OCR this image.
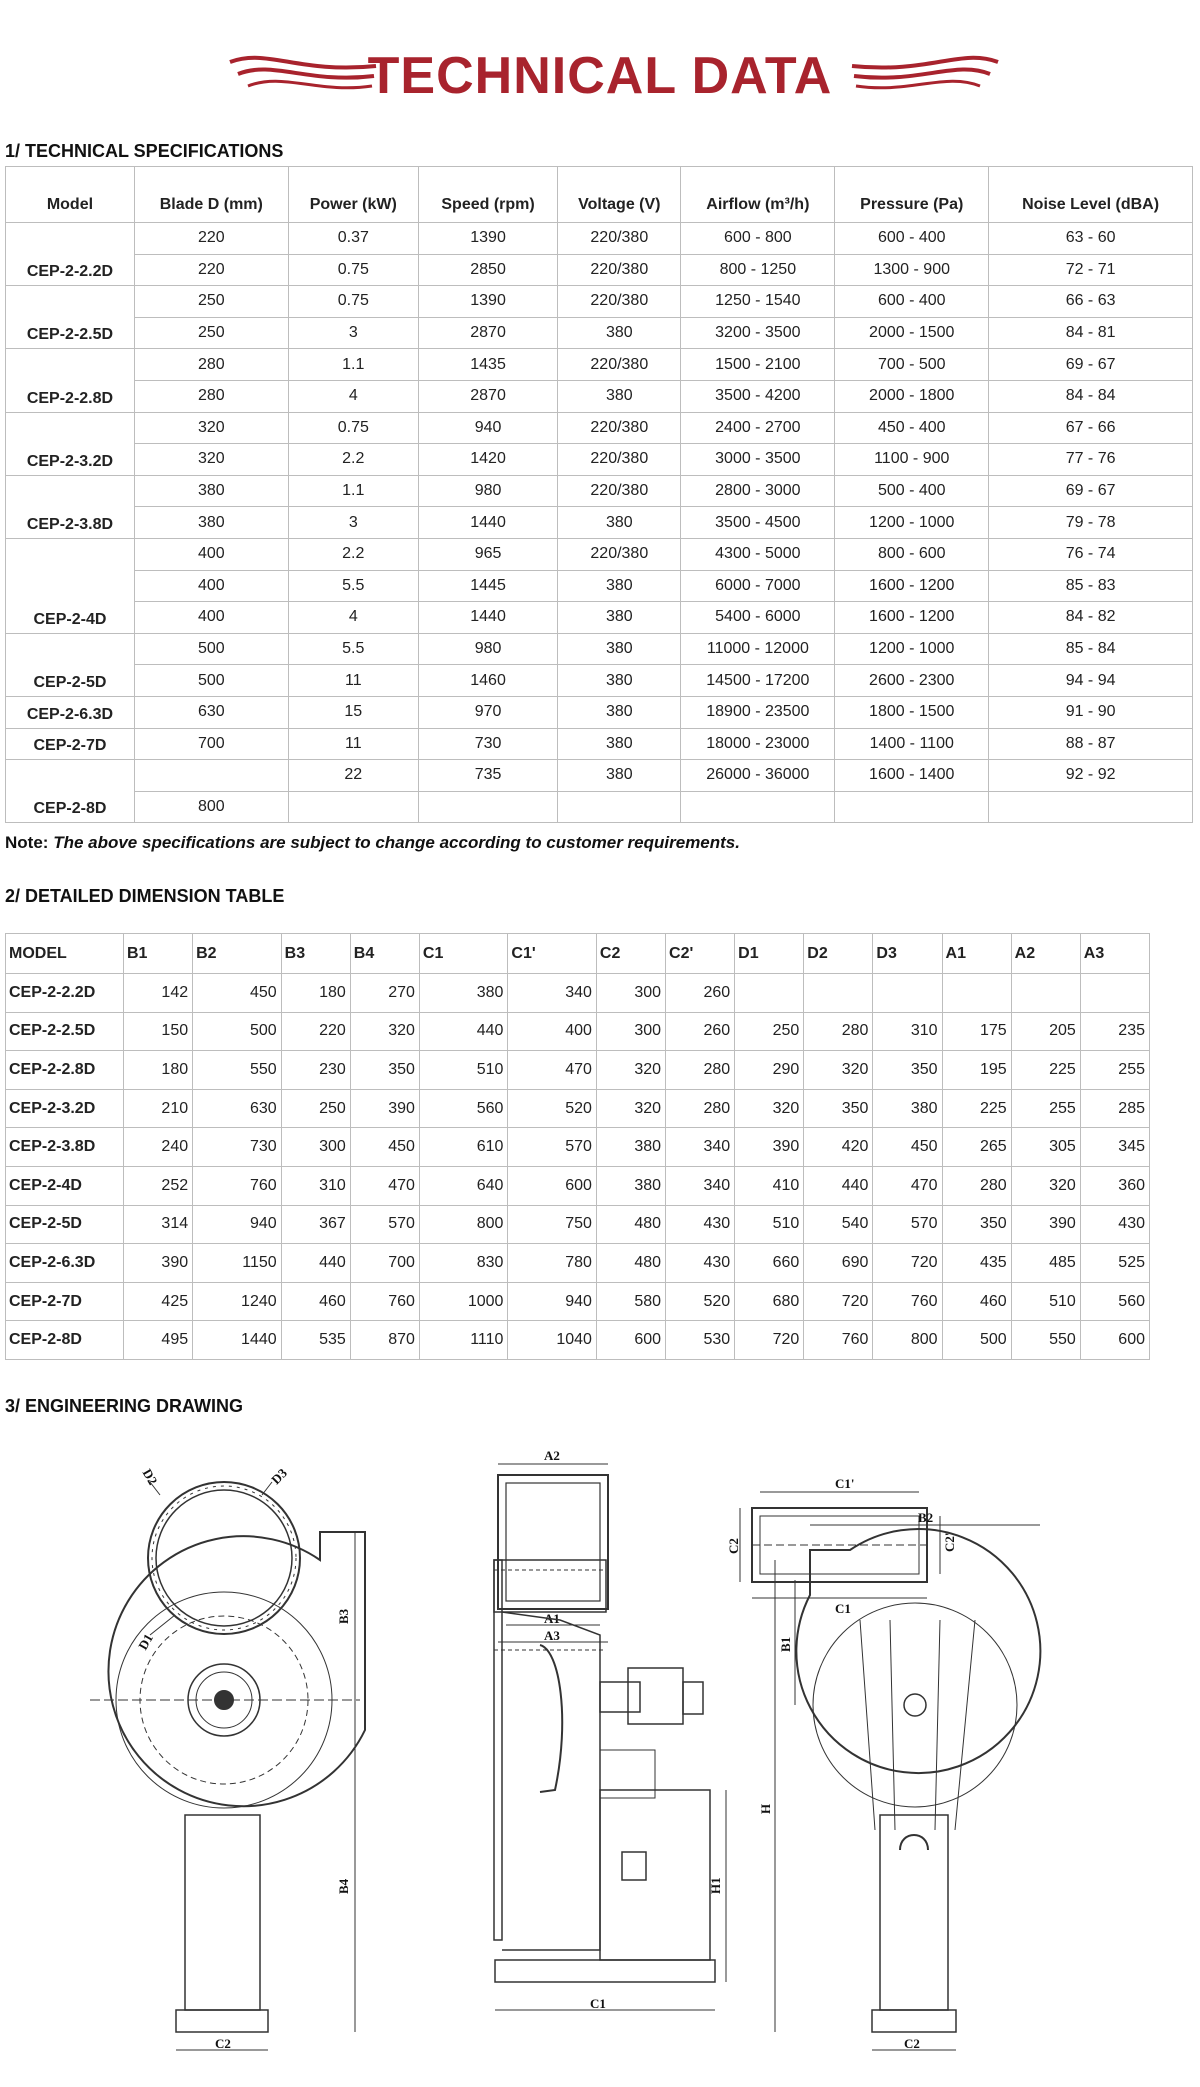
TECHNICAL DATA
1/ TECHNICAL SPECIFICATIONS
Model	Blade D (mm)	Power (kW)	Speed (rpm)	Voltage (V)	Airflow (m³/h)	Pressure (Pa)	Noise Level (dBA)
CEP-2-2.2D	220	0.37	1390	220/380	600 - 800	600 - 400	63 - 60
	220	0.75	2850	220/380	800 - 1250	1300 - 900	72 - 71
CEP-2-2.5D	250	0.75	1390	220/380	1250 - 1540	600 - 400	66 - 63
	250	3	2870	380	3200 - 3500	2000 - 1500	84 - 81
CEP-2-2.8D	280	1.1	1435	220/380	1500 - 2100	700 - 500	69 - 67
	280	4	2870	380	3500 - 4200	2000 - 1800	84 - 84
CEP-2-3.2D	320	0.75	940	220/380	2400 - 2700	450 - 400	67 - 66
	320	2.2	1420	220/380	3000 - 3500	1100 - 900	77 - 76
CEP-2-3.8D	380	1.1	980	220/380	2800 - 3000	500 - 400	69 - 67
	380	3	1440	380	3500 - 4500	1200 - 1000	79 - 78
CEP-2-4D	400	2.2	965	220/380	4300 - 5000	800 - 600	76 - 74
	400	5.5	1445	380	6000 - 7000	1600 - 1200	85 - 83
	400	4	1440	380	5400 - 6000	1600 - 1200	84 - 82
CEP-2-5D	500	5.5	980	380	11000 - 12000	1200 - 1000	85 - 84
	500	11	1460	380	14500 - 17200	2600 - 2300	94 - 94
CEP-2-6.3D	630	15	970	380	18900 - 23500	1800 - 1500	91 - 90
CEP-2-7D	700	11	730	380	18000 - 23000	1400 - 1100	88 - 87
CEP-2-8D		22	735	380	26000 - 36000	1600 - 1400	92 - 92
	800						
Note: The above specifications are subject to change according to customer requirements.
2/ DETAILED DIMENSION TABLE
MODEL	B1	B2	B3	B4	C1	C1'	C2	C2'	D1	D2	D3	A1	A2	A3
CEP-2-2.2D	142	450	180	270	380	340	300	260						
CEP-2-2.5D	150	500	220	320	440	400	300	260	250	280	310	175	205	235
CEP-2-2.8D	180	550	230	350	510	470	320	280	290	320	350	195	225	255
CEP-2-3.2D	210	630	250	390	560	520	320	280	320	350	380	225	255	285
CEP-2-3.8D	240	730	300	450	610	570	380	340	390	420	450	265	305	345
CEP-2-4D	252	760	310	470	640	600	380	340	410	440	470	280	320	360
CEP-2-5D	314	940	367	570	800	750	480	430	510	540	570	350	390	430
CEP-2-6.3D	390	1150	440	700	830	780	480	430	660	690	720	435	485	525
CEP-2-7D	425	1240	460	760	1000	940	580	520	680	720	760	460	510	560
CEP-2-8D	495	1440	535	870	1110	1040	600	530	720	760	800	500	550	600
3/ ENGINEERING DRAWING
D2	D3
D1
A2
A1
A3
C1'
C1
C2	C2'
B3
B4
C2
C1
H1
B2
B1
H
C2
